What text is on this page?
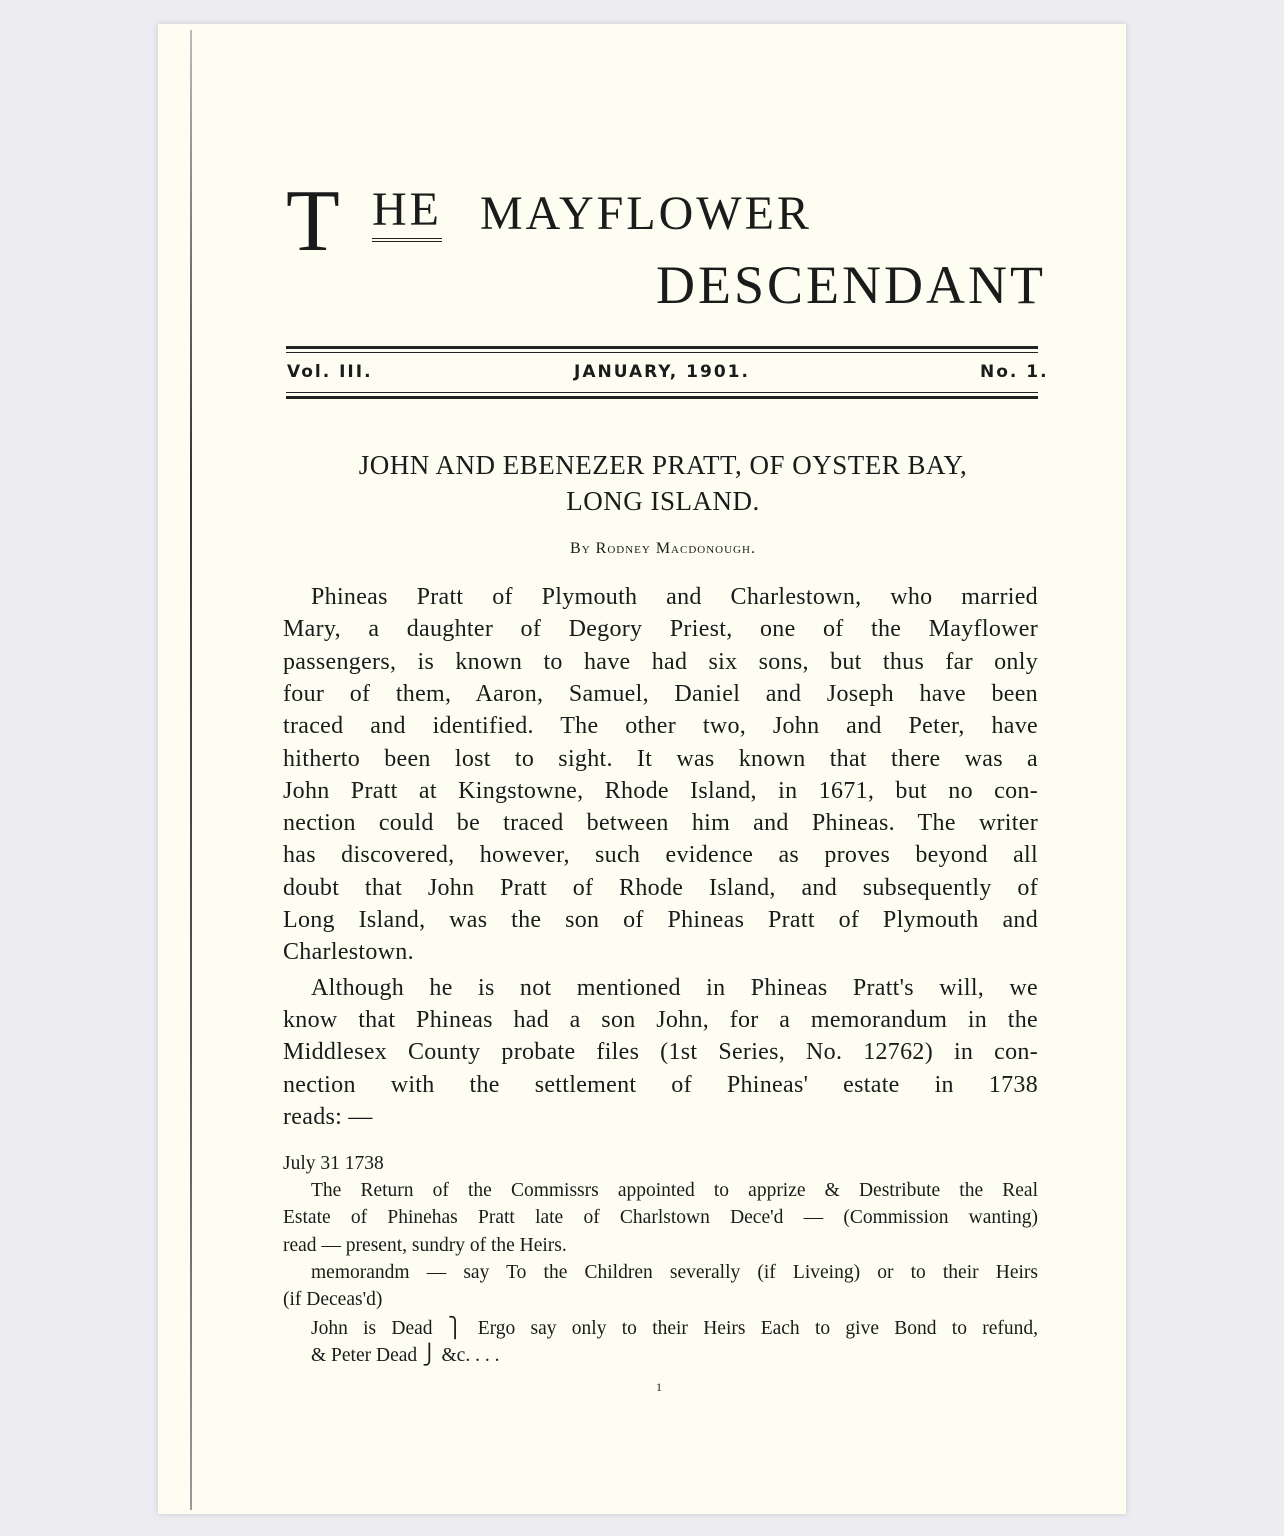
T HE MAYFLOWER
DESCENDANT
Vol. III.	JANUARY, 1901.	No. 1.
JOHN AND EBENEZER PRATT, OF OYSTER BAY,
LONG ISLAND.
By Rodney Macdonough.
Phineas Pratt of Plymouth and Charlestown, who married
Mary, a daughter of Degory Priest, one of the Mayflower
passengers, is known to have had six sons, but thus far only
four of them, Aaron, Samuel, Daniel and Joseph have been
traced and identified. The other two, John and Peter, have
hitherto been lost to sight. It was known that there was a
John Pratt at Kingstowne, Rhode Island, in 1671, but no con-
nection could be traced between him and Phineas. The writer
has discovered, however, such evidence as proves beyond all
doubt that John Pratt of Rhode Island, and subsequently of
Long Island, was the son of Phineas Pratt of Plymouth and
Charlestown.
Although he is not mentioned in Phineas Pratt's will, we
know that Phineas had a son John, for a memorandum in the
Middlesex County probate files (1st Series, No. 12762) in con-
nection with the settlement of Phineas' estate in 1738
reads: —
July 31 1738
The Return of the Commissrs appointed to apprize & Destribute the Real
Estate of Phinehas Pratt late of Charlstown Dece'd — (Commission wanting)
read — present, sundry of the Heirs.
memorandm — say To the Children severally (if Liveing) or to their Heirs
(if Deceas'd)
John is Dead ⎫ Ergo say only to their Heirs Each to give Bond to refund,
& Peter Dead ⎭ &c. . . .
1
